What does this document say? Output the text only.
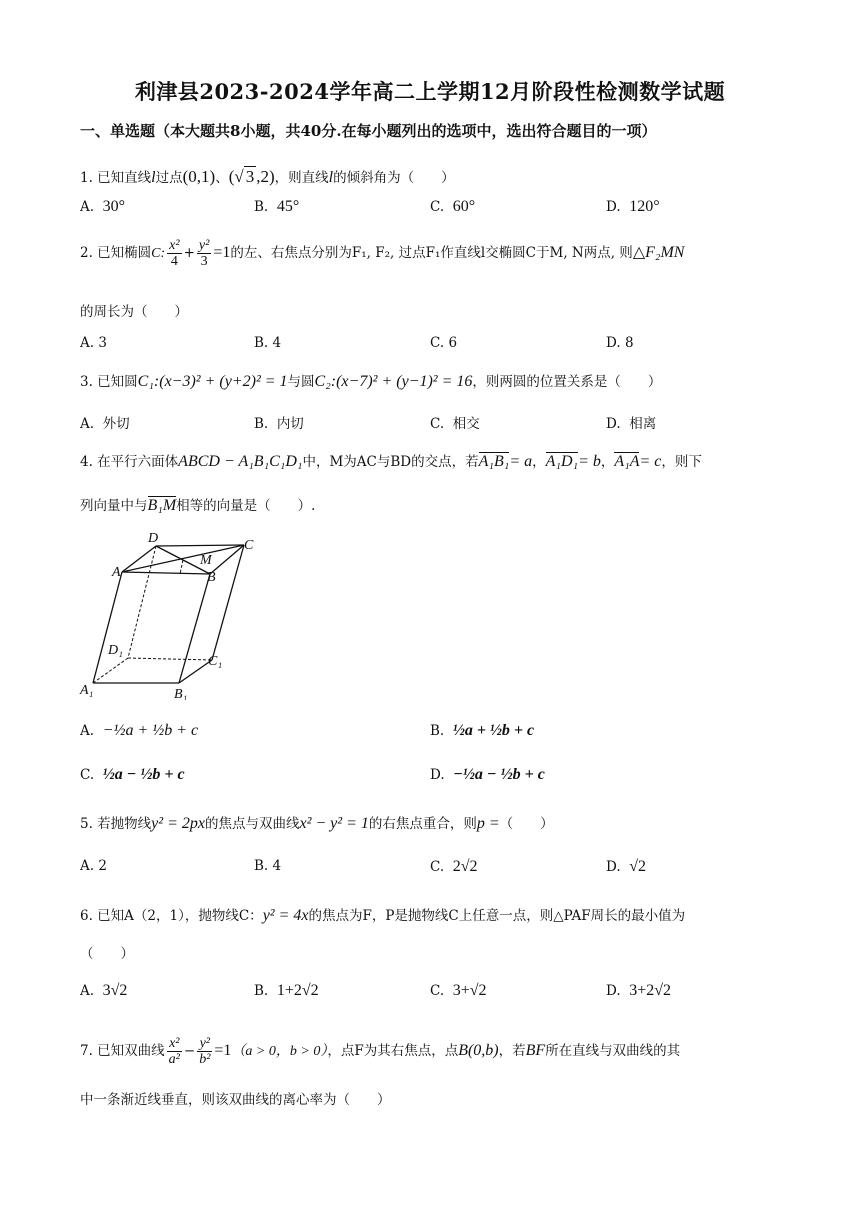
利津县2023-2024学年高二上学期12月阶段性检测数学试题
一、单选题（本大题共8小题，共40分.在每小题列出的选项中，选出符合题目的一项）
1. 已知直线l过点(0,1)、(√ 3 ,2)，则直线l的倾斜角为（　　）
A. 30°	B. 45°	C. 60°	D. 120°
2. 已知椭圆C: $\frac{\text{x²}}{4} + \frac{\text{y²}}{3} =1$的左、右焦点分别为F₁, F₂, 过点F₁作直线l交椭圆C于M, N两点, 则△F₂MN
的周长为（　　）
A. 3	B. 4	C. 6	D. 8
3. 已知圆C₁:(x−3)² + (y+2)² = 1与圆C₂:(x−7)² + (y−1)² = 16，则两圆的位置关系是（　　）
A. 外切	B. 内切	C. 相交	D. 相离
4. 在平行六面体ABCD − A₁B₁C₁D₁中，M为AC与BD的交点，若A₁B₁= a，A₁D₁= b，A₁A= c，则下
列向量中与B₁M相等的向量是（　　）.
D	C
A
M
B
D₁
C₁
A₁	B₁
A. −½a + ½b + c	B. ½a + ½b + c
C. ½a − ½b + c	D. −½a − ½b + c
5. 若抛物线y² = 2px的焦点与双曲线x² − y² = 1的右焦点重合，则p =（　　）
A. 2	B. 4	C. 2√2	D. √2
6. 已知A（2，1），抛物线C：y² = 4x的焦点为F，P是抛物线C上任意一点，则△PAF周长的最小值为
（　　）
A. 3√2	B. 1+2√2	C. 3+√2	D. 3+2√2
7. 已知双曲线 $\frac{\text{x²}}{\text{a²}} - \frac{\text{y²}}{\text{b²}} =1(a > 0$，b > 0），点F为其右焦点，点B(0,b)，若BF所在直线与双曲线的其
中一条渐近线垂直，则该双曲线的离心率为（　　）
